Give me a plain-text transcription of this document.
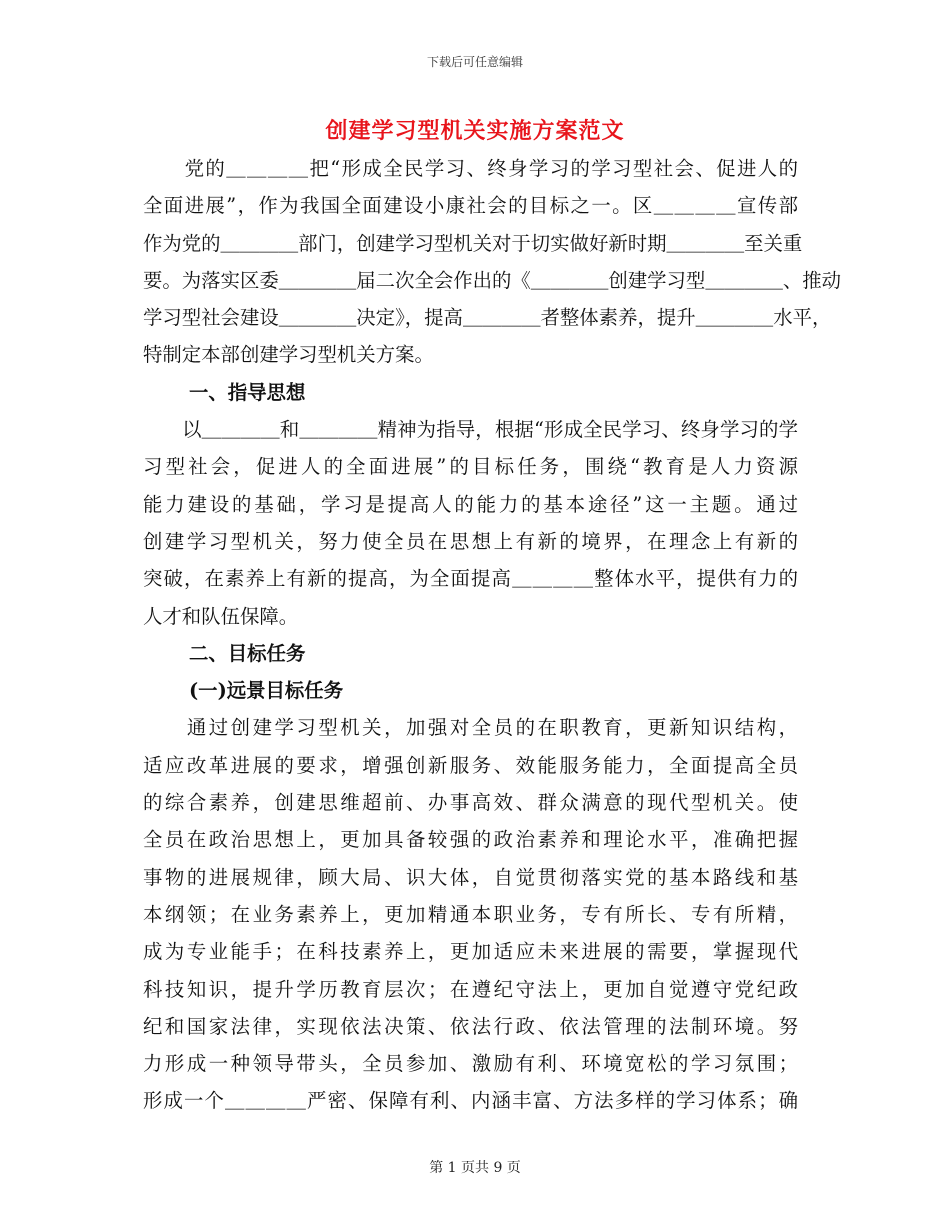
下载后可任意编辑
创建学习型机关实施方案范文
　　党的＿＿＿＿把“形成全民学习、终身学习的学习型社会、促进人的
全面进展”，作为我国全面建设小康社会的目标之一。区＿＿＿＿宣传部
作为党的＿＿＿＿部门，创建学习型机关对于切实做好新时期＿＿＿＿至关重
要。为落实区委＿＿＿＿届二次全会作出的《＿＿＿＿创建学习型＿＿＿＿、推动
学习型社会建设＿＿＿＿决定》，提高＿＿＿＿者整体素养，提升＿＿＿＿水平，
特制定本部创建学习型机关方案。
一、指导思想
　　以＿＿＿＿和＿＿＿＿精神为指导，根据“形成全民学习、终身学习的学
习型社会，促进人的全面进展”的目标任务，围绕“教育是人力资源
能力建设的基础，学习是提高人的能力的基本途径”这一主题。通过
创建学习型机关，努力使全员在思想上有新的境界，在理念上有新的
突破，在素养上有新的提高，为全面提高＿＿＿＿整体水平，提供有力的
人才和队伍保障。
二、目标任务
(一)远景目标任务
　　通过创建学习型机关，加强对全员的在职教育，更新知识结构，
适应改革进展的要求，增强创新服务、效能服务能力，全面提高全员
的综合素养，创建思维超前、办事高效、群众满意的现代型机关。使
全员在政治思想上，更加具备较强的政治素养和理论水平，准确把握
事物的进展规律，顾大局、识大体，自觉贯彻落实党的基本路线和基
本纲领；在业务素养上，更加精通本职业务，专有所长、专有所精，
成为专业能手；在科技素养上，更加适应未来进展的需要，掌握现代
科技知识，提升学历教育层次；在遵纪守法上，更加自觉遵守党纪政
纪和国家法律，实现依法决策、依法行政、依法管理的法制环境。努
力形成一种领导带头，全员参加、激励有利、环境宽松的学习氛围；
形成一个＿＿＿＿严密、保障有利、内涵丰富、方法多样的学习体系；确
第 1 页共 9 页
